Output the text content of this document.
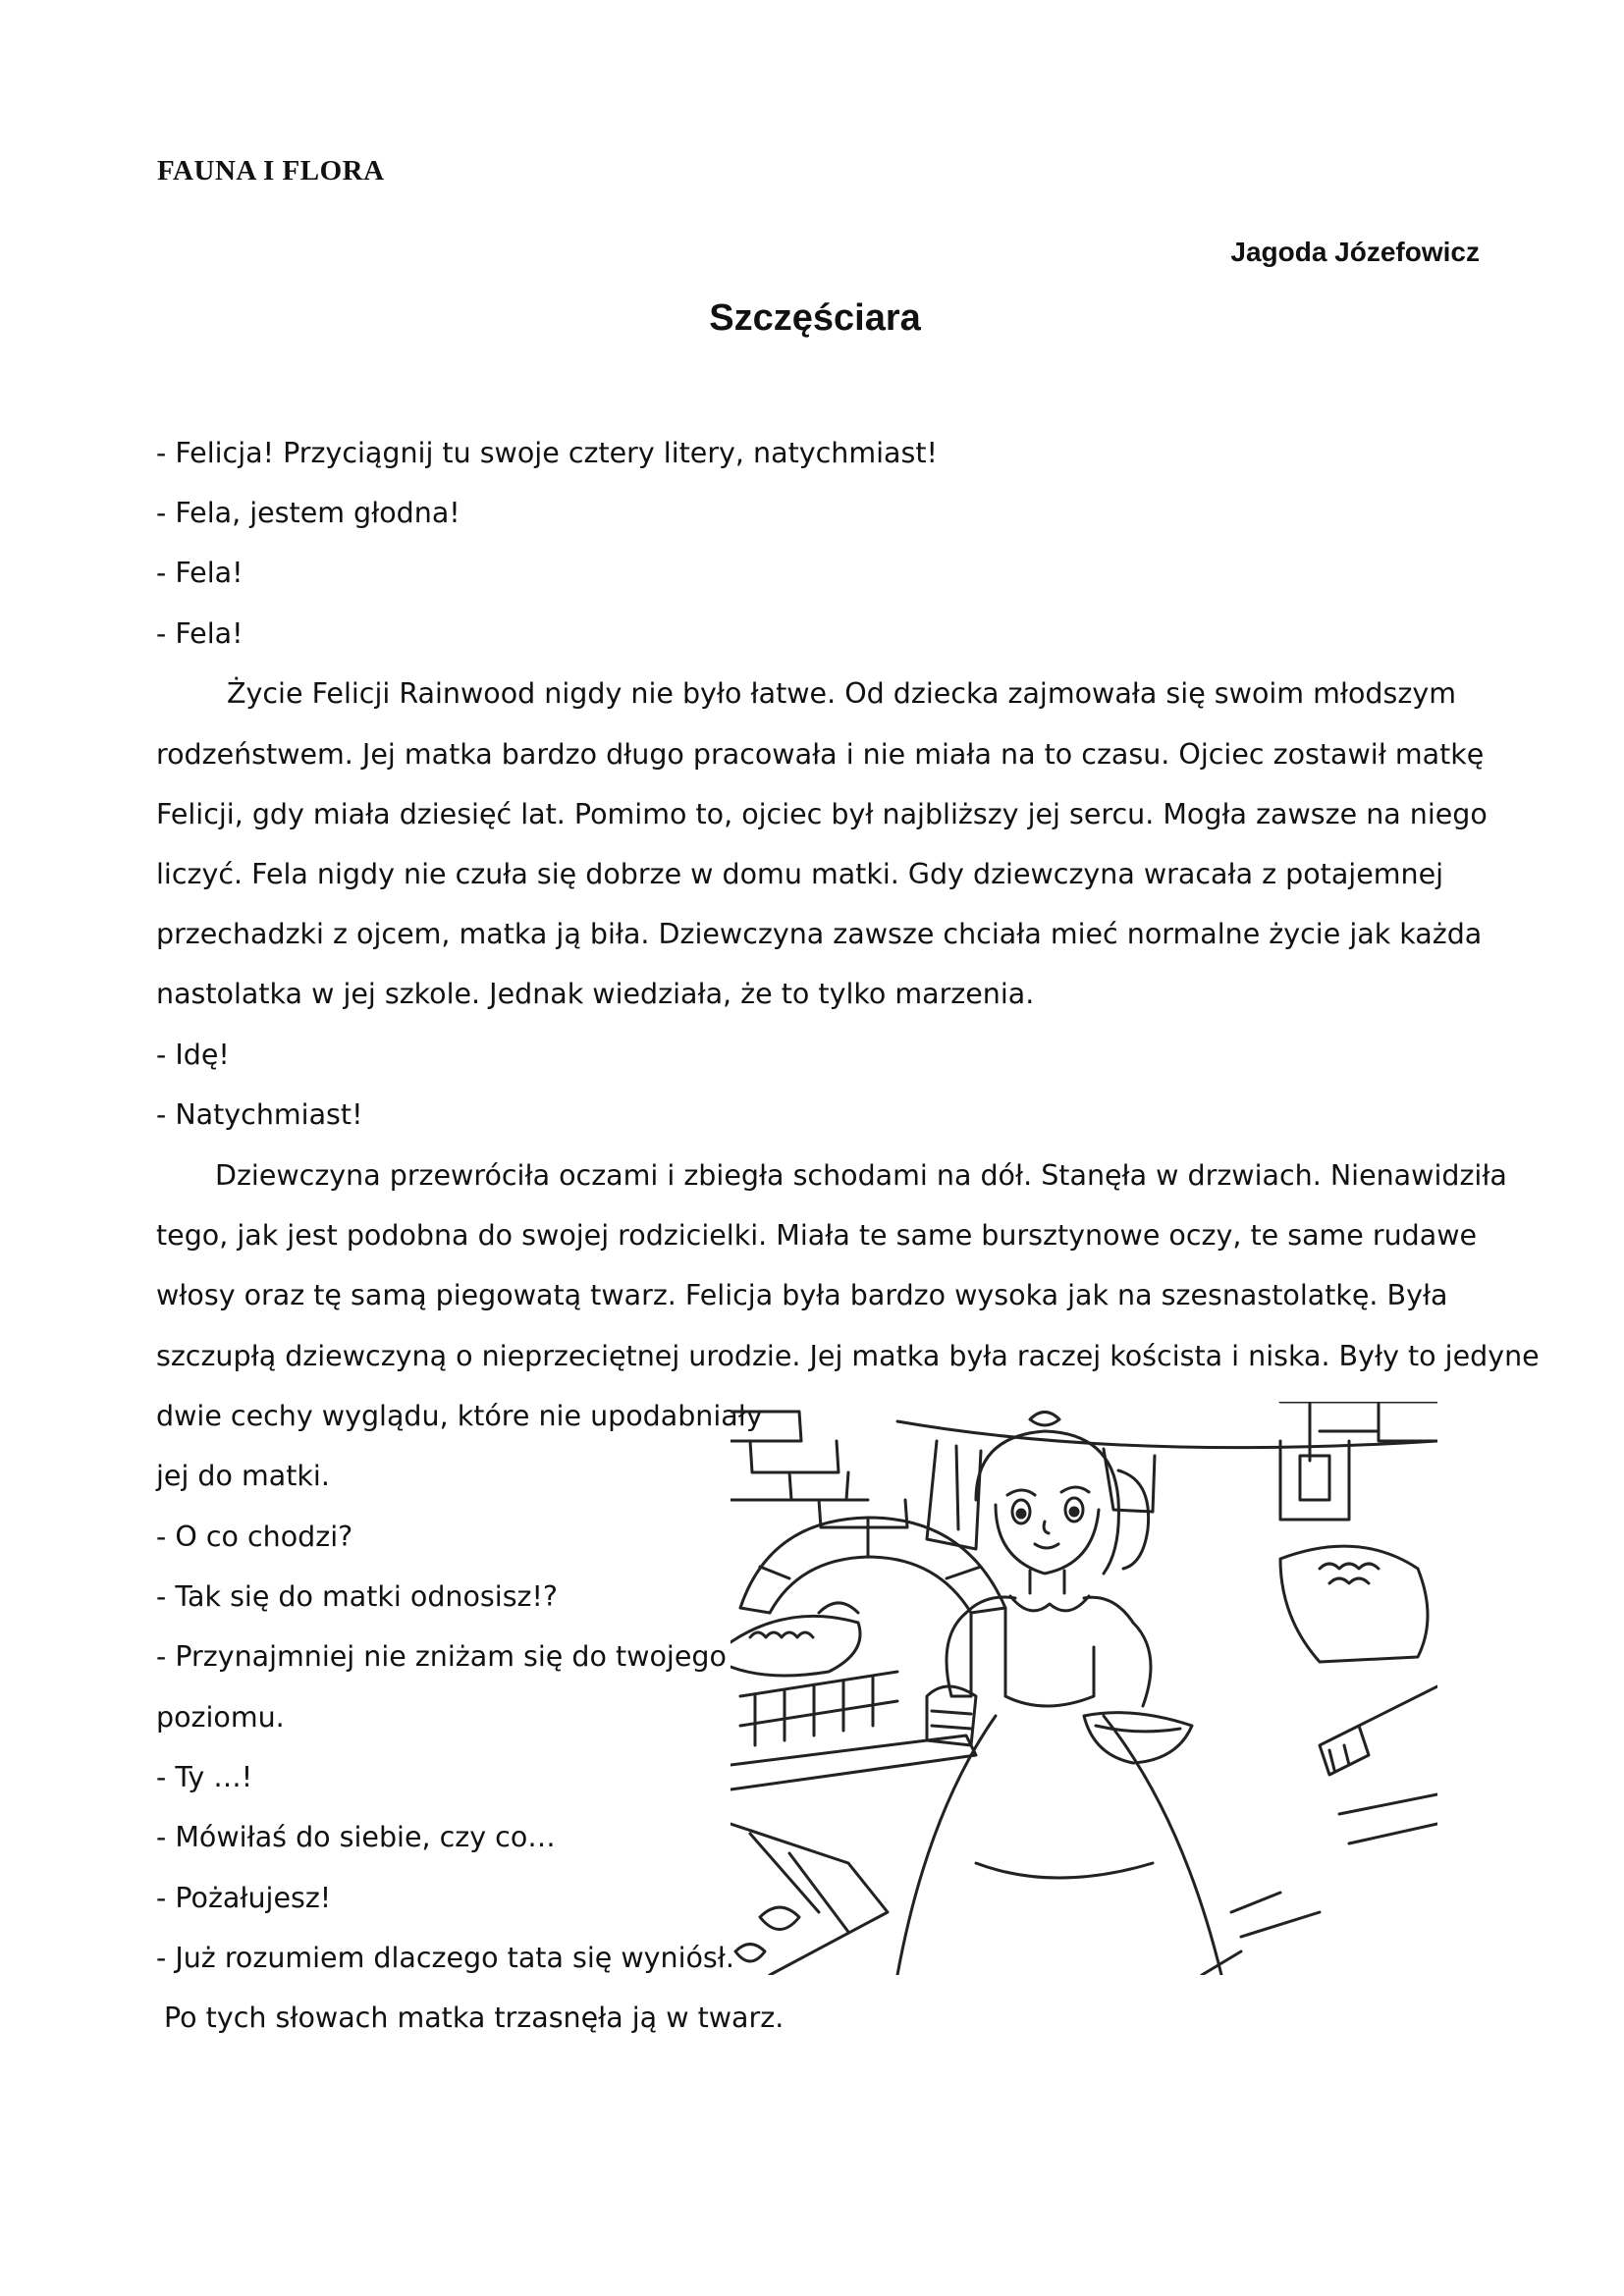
FAUNA I FLORA
Jagoda Józefowicz
Szczęściara
- Felicja! Przyciągnij tu swoje cztery litery, natychmiast!
- Fela, jestem głodna!
- Fela!
- Fela!
Życie Felicji Rainwood nigdy nie było łatwe. Od dziecka zajmowała się swoim młodszym
rodzeństwem. Jej matka bardzo długo pracowała i nie miała na to czasu. Ojciec zostawił matkę
Felicji, gdy miała dziesięć lat. Pomimo to, ojciec był najbliższy jej sercu. Mogła zawsze na niego
liczyć. Fela nigdy nie czuła się dobrze w domu matki. Gdy dziewczyna wracała z potajemnej
przechadzki z ojcem, matka ją biła. Dziewczyna zawsze chciała mieć normalne życie jak każda
nastolatka w jej szkole. Jednak wiedziała, że to tylko marzenia.
- Idę!
- Natychmiast!
Dziewczyna przewróciła oczami i zbiegła schodami na dół. Stanęła w drzwiach. Nienawidziła
tego, jak jest podobna do swojej rodzicielki. Miała te same bursztynowe oczy, te same rudawe
włosy oraz tę samą piegowatą twarz. Felicja była bardzo wysoka jak na szesnastolatkę. Była
szczupłą dziewczyną o nieprzeciętnej urodzie. Jej matka była raczej koścista i niska. Były to jedyne
dwie cechy wyglądu, które nie upodabniały
jej do matki.
- O co chodzi?
- Tak się do matki odnosisz!?
- Przynajmniej nie zniżam się do twojego
poziomu.
- Ty …!
- Mówiłaś do siebie, czy co…
- Pożałujesz!
- Już rozumiem dlaczego tata się wyniósł.
Po tych słowach matka trzasnęła ją w twarz.
